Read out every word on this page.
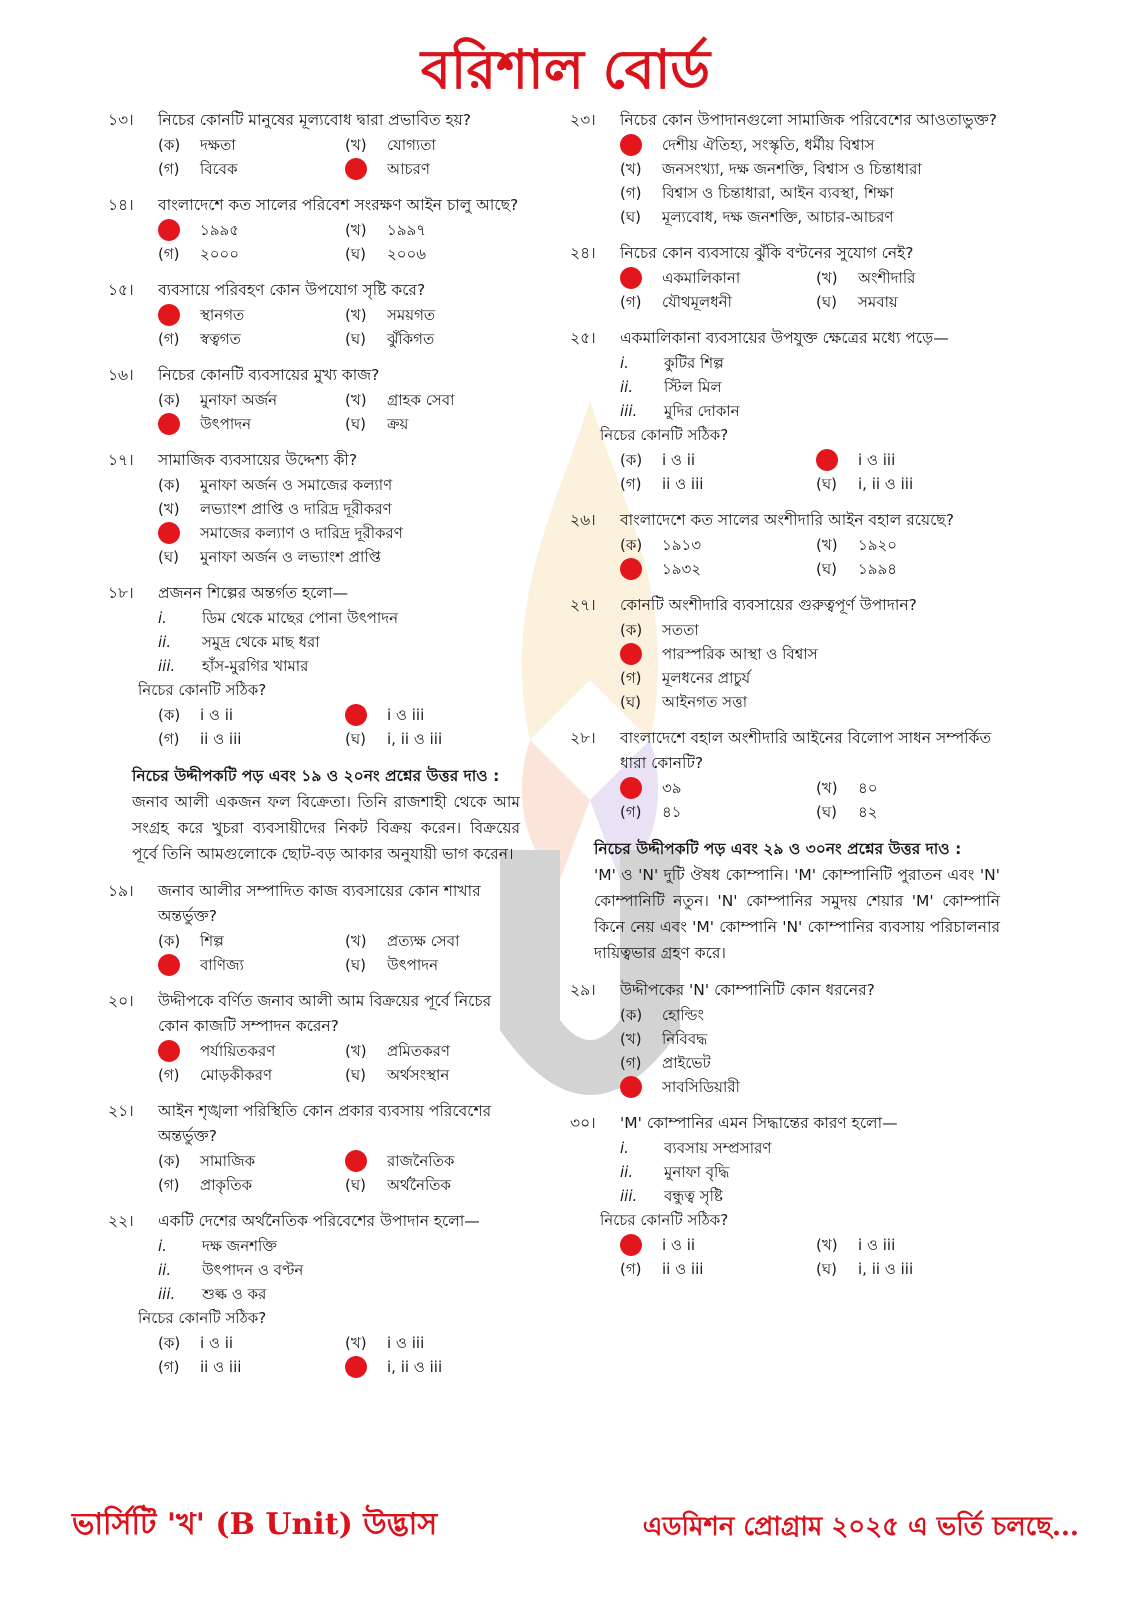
বরিশাল বোর্ড
১৩।	নিচের কোনটি মানুষের মূল্যবোধ দ্বারা প্রভাবিত হয়?
(ক)	দক্ষতা	(খ)	যোগ্যতা
(গ)	বিবেক	আচরণ
১৪।	বাংলাদেশে কত সালের পরিবেশ সংরক্ষণ আইন চালু আছে?
১৯৯৫	(খ)	১৯৯৭
(গ)	২০০০	(ঘ)	২০০৬
১৫।	ব্যবসায়ে পরিবহণ কোন উপযোগ সৃষ্টি করে?
স্থানগত	(খ)	সময়গত
(গ)	স্বত্বগত	(ঘ)	ঝুঁকিগত
১৬।	নিচের কোনটি ব্যবসায়ের মুখ্য কাজ?
(ক)	মুনাফা অর্জন	(খ)	গ্রাহক সেবা
উৎপাদন	(ঘ)	ক্রয়
১৭।	সামাজিক ব্যবসায়ের উদ্দেশ্য কী?
(ক)	মুনাফা অর্জন ও সমাজের কল্যাণ
(খ)	লভ্যাংশ প্রাপ্তি ও দারিদ্র দূরীকরণ
সমাজের কল্যাণ ও দারিদ্র দূরীকরণ
(ঘ)	মুনাফা অর্জন ও লভ্যাংশ প্রাপ্তি
১৮।	প্রজনন শিল্পের অন্তর্গত হলো—
i.	ডিম থেকে মাছের পোনা উৎপাদন
ii.	সমুদ্র থেকে মাছ ধরা
iii.	হাঁস-মুরগির খামার
নিচের কোনটি সঠিক?
(ক)	i ও ii	i ও iii
(গ)	ii ও iii	(ঘ)	i, ii ও iii
নিচের উদ্দীপকটি পড় এবং ১৯ ও ২০নং প্রশ্নের উত্তর দাও :
জনাব আলী একজন ফল বিক্রেতা। তিনি রাজশাহী থেকে আম সংগ্রহ করে খুচরা ব্যবসায়ীদের নিকট বিক্রয় করেন। বিক্রয়ের পূর্বে তিনি আমগুলোকে ছোট-বড় আকার অনুযায়ী ভাগ করেন।
১৯।	জনাব আলীর সম্পাদিত কাজ ব্যবসায়ের কোন শাখার অন্তর্ভুক্ত?
(ক)	শিল্প	(খ)	প্রত্যক্ষ সেবা
বাণিজ্য	(ঘ)	উৎপাদন
২০।	উদ্দীপকে বর্ণিত জনাব আলী আম বিক্রয়ের পূর্বে নিচের কোন কাজটি সম্পাদন করেন?
পর্যায়িতকরণ	(খ)	প্রমিতকরণ
(গ)	মোড়কীকরণ	(ঘ)	অর্থসংস্থান
২১।	আইন শৃঙ্খলা পরিস্থিতি কোন প্রকার ব্যবসায় পরিবেশের অন্তর্ভুক্ত?
(ক)	সামাজিক	রাজনৈতিক
(গ)	প্রাকৃতিক	(ঘ)	অর্থনৈতিক
২২।	একটি দেশের অর্থনৈতিক পরিবেশের উপাদান হলো—
i.	দক্ষ জনশক্তি
ii.	উৎপাদন ও বণ্টন
iii.	শুল্ক ও কর
নিচের কোনটি সঠিক?
(ক)	i ও ii	(খ)	i ও iii
(গ)	ii ও iii	i, ii ও iii
২৩।	নিচের কোন উপাদানগুলো সামাজিক পরিবেশের আওতাভুক্ত?
দেশীয় ঐতিহ্য, সংস্কৃতি, ধর্মীয় বিশ্বাস
(খ)	জনসংখ্যা, দক্ষ জনশক্তি, বিশ্বাস ও চিন্তাধারা
(গ)	বিশ্বাস ও চিন্তাধারা, আইন ব্যবস্থা, শিক্ষা
(ঘ)	মূল্যবোধ, দক্ষ জনশক্তি, আচার-আচরণ
২৪।	নিচের কোন ব্যবসায়ে ঝুঁকি বণ্টনের সুযোগ নেই?
একমালিকানা	(খ)	অংশীদারি
(গ)	যৌথমূলধনী	(ঘ)	সমবায়
২৫।	একমালিকানা ব্যবসায়ের উপযুক্ত ক্ষেত্রের মধ্যে পড়ে—
i.	কুটির শিল্প
ii.	স্টিল মিল
iii.	মুদির দোকান
নিচের কোনটি সঠিক?
(ক)	i ও ii	i ও iii
(গ)	ii ও iii	(ঘ)	i, ii ও iii
২৬।	বাংলাদেশে কত সালের অংশীদারি আইন বহাল রয়েছে?
(ক)	১৯১৩	(খ)	১৯২০
১৯৩২	(ঘ)	১৯৯৪
২৭।	কোনটি অংশীদারি ব্যবসায়ের গুরুত্বপূর্ণ উপাদান?
(ক)	সততা
পারস্পরিক আস্থা ও বিশ্বাস
(গ)	মূলধনের প্রাচুর্য
(ঘ)	আইনগত সত্তা
২৮।	বাংলাদেশে বহাল অংশীদারি আইনের বিলোপ সাধন সম্পর্কিত ধারা কোনটি?
৩৯	(খ)	৪০
(গ)	৪১	(ঘ)	৪২
নিচের উদ্দীপকটি পড় এবং ২৯ ও ৩০নং প্রশ্নের উত্তর দাও :
'M' ও 'N' দুটি ঔষধ কোম্পানি। 'M' কোম্পানিটি পুরাতন এবং 'N' কোম্পানিটি নতুন। 'N' কোম্পানির সমুদয় শেয়ার 'M' কোম্পানি কিনে নেয় এবং 'M' কোম্পানি 'N' কোম্পানির ব্যবসায় পরিচালনার দায়িত্বভার গ্রহণ করে।
২৯।	উদ্দীপকের 'N' কোম্পানিটি কোন ধরনের?
(ক)	হোল্ডিং
(খ)	নিবিবদ্ধ
(গ)	প্রাইভেট
সাবসিডিয়ারী
৩০।	'M' কোম্পানির এমন সিদ্ধান্তের কারণ হলো—
i.	ব্যবসায় সম্প্রসারণ
ii.	মুনাফা বৃদ্ধি
iii.	বন্ধুত্ব সৃষ্টি
নিচের কোনটি সঠিক?
i ও ii	(খ)	i ও iii
(গ)	ii ও iii	(ঘ)	i, ii ও iii
ভার্সিটি 'খ' (B Unit) উদ্ভাস	এডমিশন প্রোগ্রাম ২০২৫ এ ভর্তি চলছে...
